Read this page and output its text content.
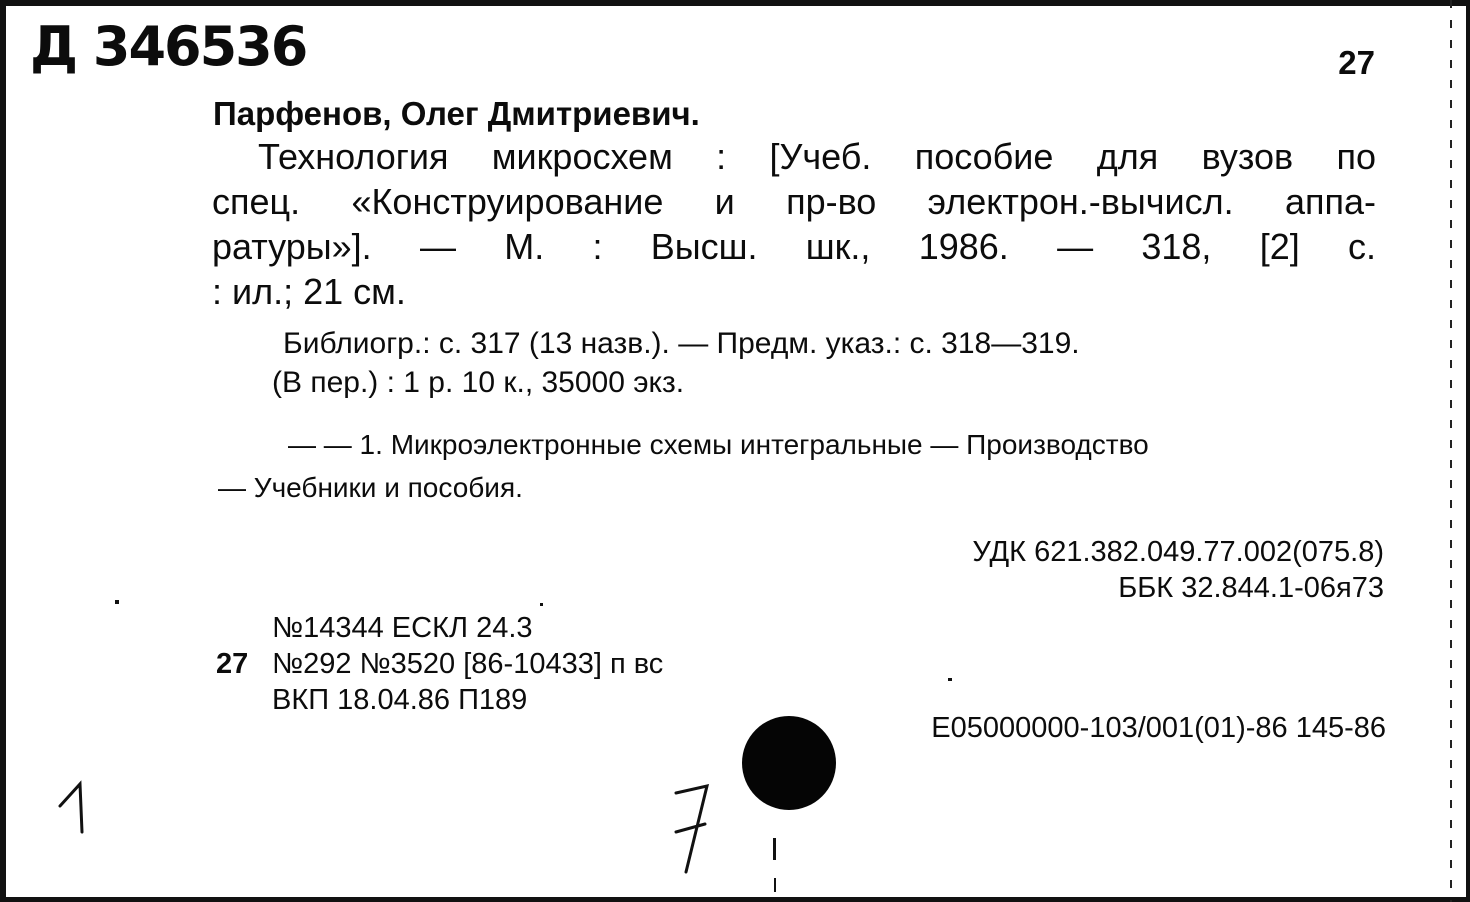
Д 346536	27
Парфенов, Олег Дмитриевич.
Технология микросхем : [Учеб. пособие для вузов по
спец. «Конструирование и пр-во электрон.-вычисл. аппа-
ратуры»]. — М. : Высш. шк., 1986. — 318, [2] с.
: ил.; 21 см.
Библиогр.: с. 317 (13 назв.). — Предм. указ.: с. 318—319.
(В пер.) : 1 р. 10 к., 35000 экз.
— — 1. Микроэлектронные схемы интегральные — Производство
— Учебники и пособия.
УДК 621.382.049.77.002(075.8)
ББК 32.844.1-06я73
№14344 ЕСКЛ 24.3
27 №292 №3520 [86-10433] п вс
ВКП 18.04.86 П189
E05000000-103/001(01)-86 145-86
